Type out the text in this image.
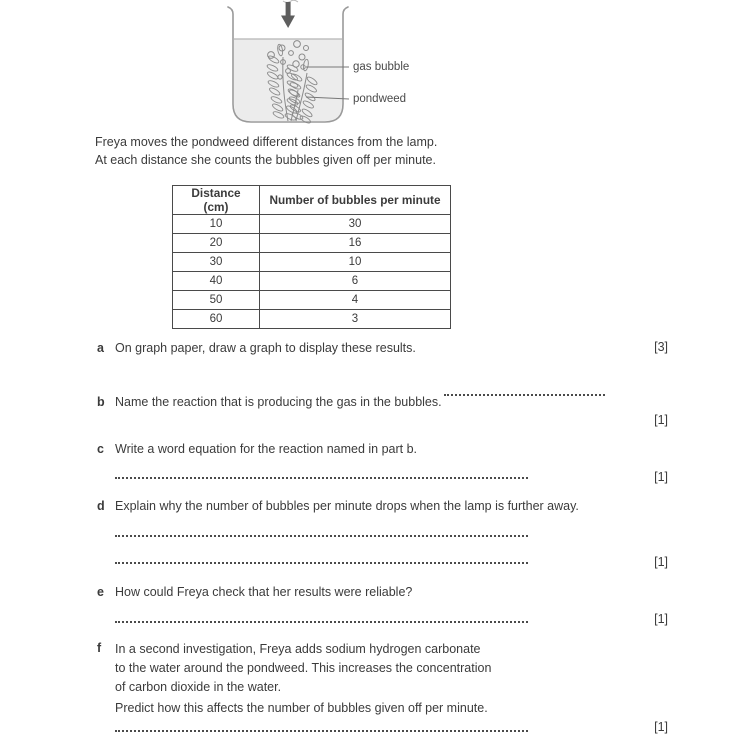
gas bubble
pondweed
Freya moves the pondweed different distances from the lamp.
At each distance she counts the bubbles given off per minute.
Distance (cm)	Number of bubbles per minute
10	30
20	16
30	10
40	6
50	4
60	3
a On graph paper, draw a graph to display these results.	[3]
b Name the reaction that is producing the gas in the bubbles.
[1]
c Write a word equation for the reaction named in part b.
[1]
d Explain why the number of bubbles per minute drops when the lamp is further away.
[1]
e How could Freya check that her results were reliable?
[1]
f	In a second investigation, Freya adds sodium hydrogen carbonate
to the water around the pondweed. This increases the concentration
of carbon dioxide in the water.
Predict how this affects the number of bubbles given off per minute.
[1]
